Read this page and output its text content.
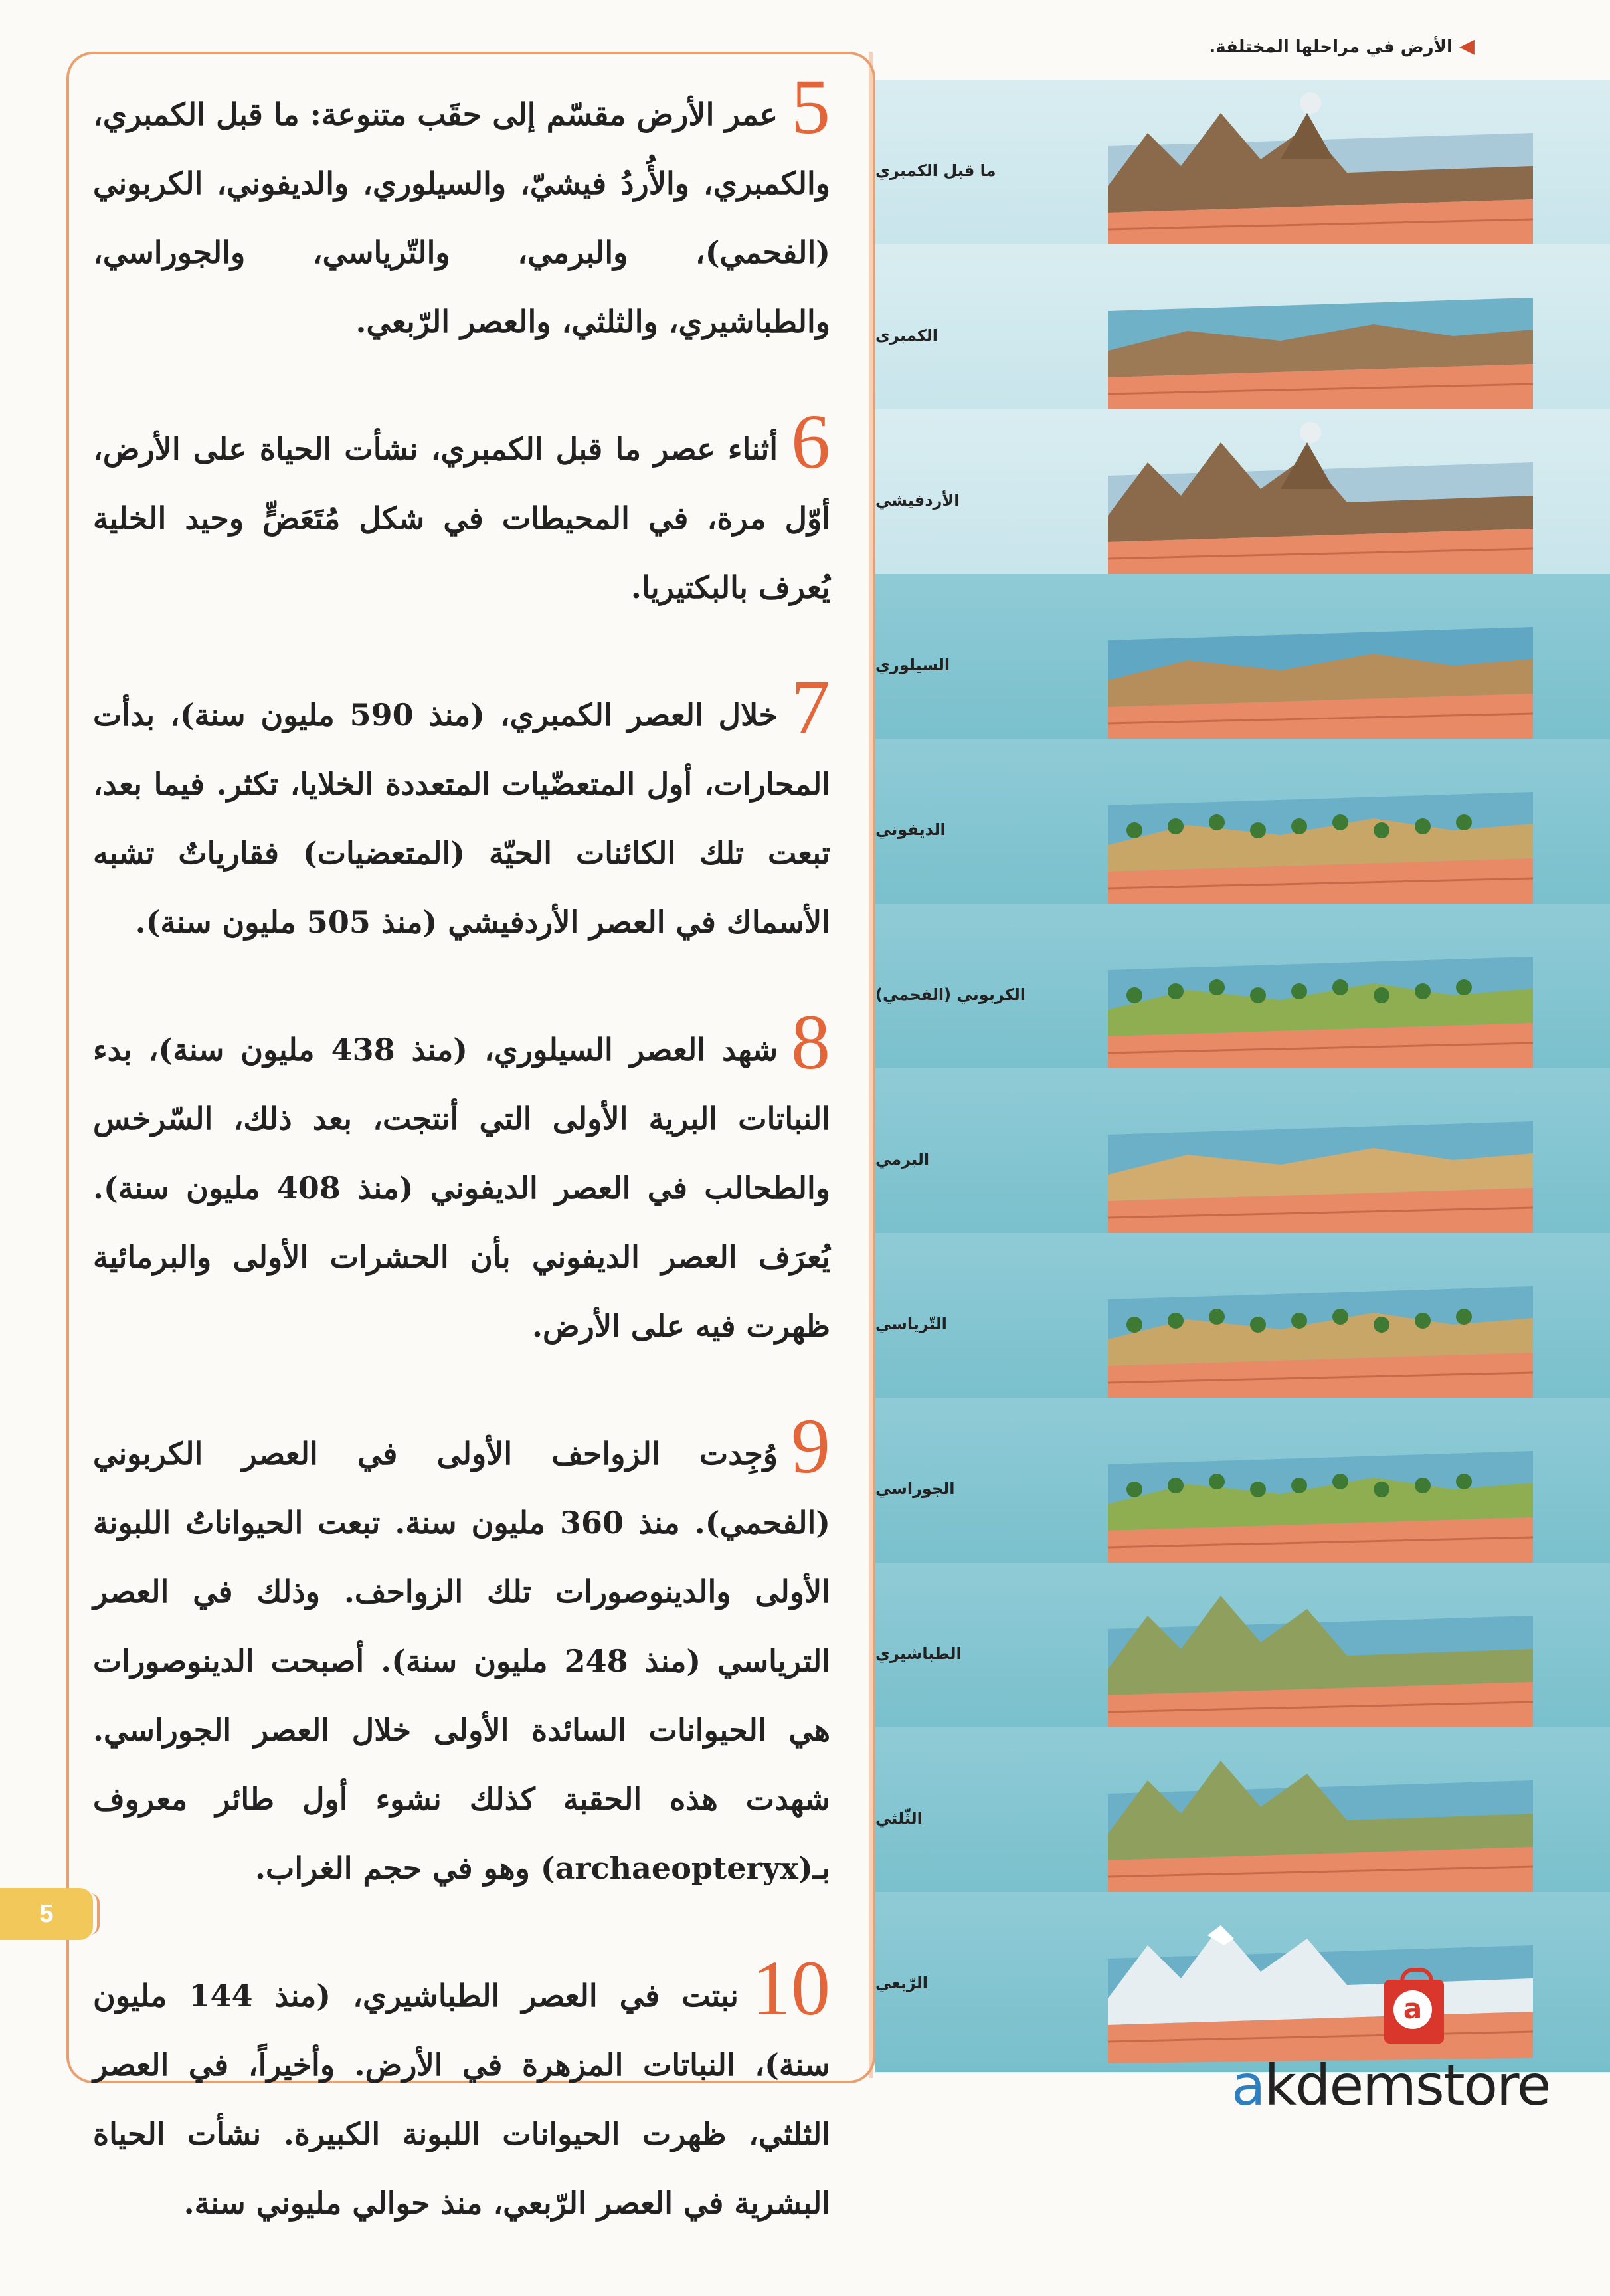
5عمر الأرض مقسّم إلى حقَب متنوعة: ما قبل الكمبري، والكمبري، والأُردُ فيشيّ، والسيلوري، والديفوني، الكربوني (الفحمي)، والبرمي، والتّرياسي، والجوراسي، والطباشيري، والثلثي، والعصر الرّبعي.

6أثناء عصر ما قبل الكمبري، نشأت الحياة على الأرض، أوّل مرة، في المحيطات في شكل مُتَعَضٍّ وحيد الخلية يُعرف بالبكتيريا.

7خلال العصر الكمبري، (منذ 590 مليون سنة)، بدأت المحارات، أول المتعضّيات المتعددة الخلايا، تكثر. فيما بعد، تبعت تلك الكائنات الحيّة (المتعضيات) فقارياتٌ تشبه الأسماك في العصر الأردفيشي (منذ 505 مليون سنة).

8شهد العصر السيلوري، (منذ 438 مليون سنة)، بدء النباتات البرية الأولى التي أنتجت، بعد ذلك، السّرخس والطحالب في العصر الديفوني (منذ 408 مليون سنة). يُعرَف العصر الديفوني بأن الحشرات الأولى والبرمائية ظهرت فيه على الأرض.

9وُجِدت الزواحف الأولى في العصر الكربوني (الفحمي). منذ 360 مليون سنة. تبعت الحيواناتُ اللبونة الأولى والدينوصورات تلك الزواحف. وذلك في العصر الترياسي (منذ 248 مليون سنة). أصبحت الدينوصورات هي الحيوانات السائدة الأولى خلال العصر الجوراسي. شهدت هذه الحقبة كذلك نشوء أول طائر معروف بـ(archaeopteryx) وهو في حجم الغراب.

10نبتت في العصر الطباشيري، (منذ 144 مليون سنة)، النباتات المزهرة في الأرض. وأخيراً، في العصر الثلثي، ظهرت الحيوانات اللبونة الكبيرة. نشأت الحياة البشرية في العصر الرّبعي، منذ حوالي مليوني سنة.

5
◀الأرض في مراحلها المختلفة.
ما قبل الكمبري
الكمبرى
الأردفيشي
السيلوري
الديفوني
الكربوني (الفحمي)
البرمي
التّرياسي
الجوراسي
الطباشيري
الثّلثي
الرّبعي
a
akdemstore
